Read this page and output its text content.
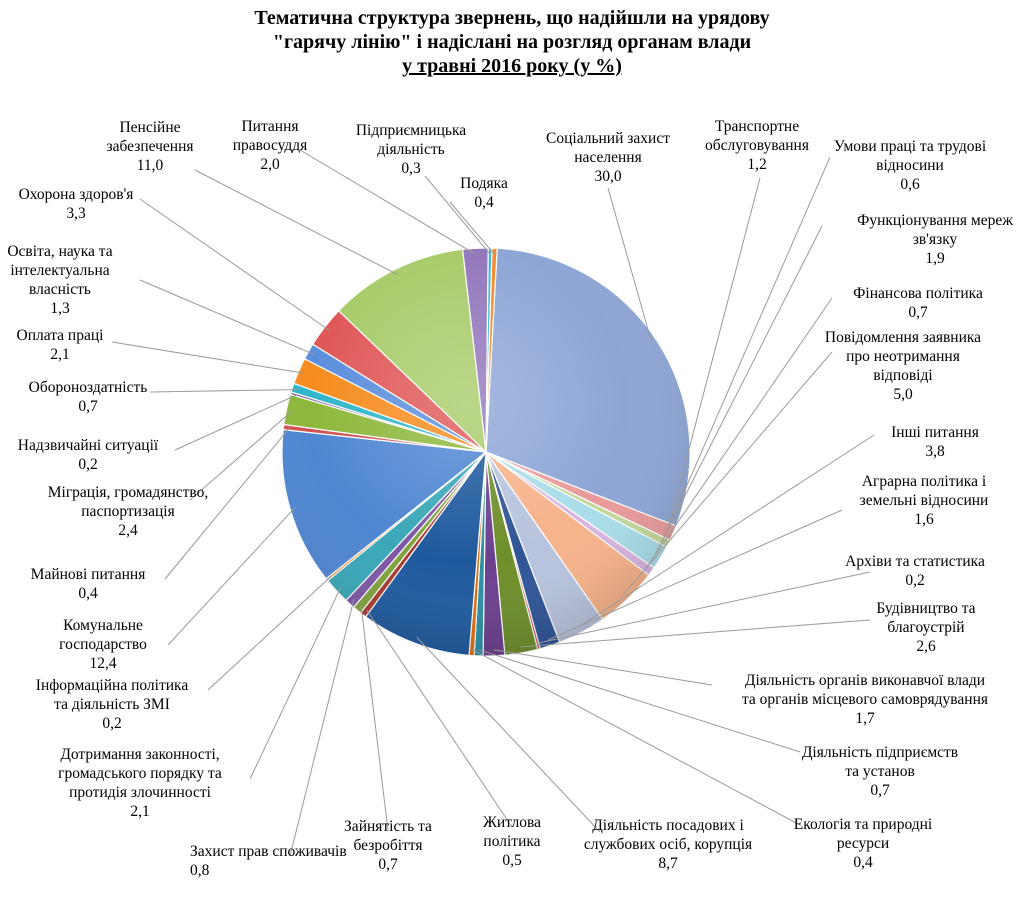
Тематична структура звернень, що надійшли на урядову
"гарячу лінію" і надіслані на розгляд органам влади
у травні 2016 року (у %)
Соціальний захист населення 30,0
Транспортне обслуговування 1,2
Умови праці та трудові відносини 0,6
Функціонування мереж зв'язку 1,9
Фінансова політика 0,7
Повідомлення заявника про неотримання відповіді 5,0
Інші питання 3,8
Аграрна політика і земельні відносини 1,6
Архіви та статистика 0,2
Будівництво та благоустрій 2,6
Діяльність органів виконавчої влади та органів місцевого самоврядування 1,7
Діяльність підприємств та установ 0,7
Екологія та природні ресурси 0,4
Діяльність посадових і службових осіб, корупція 8,7
Житлова політика 0,5
Зайнятість та безробіття 0,7
Захист прав споживачів 0,8
Дотримання законності, громадського порядку та протидія злочинності 2,1
Інформаційна політика та діяльність ЗМІ 0,2
Комунальне господарство 12,4
Майнові питання 0,4
Міграція, громадянство, паспортизація 2,4
Надзвичайні ситуації 0,2
Обороноздатність 0,7
Оплата праці 2,1
Освіта, наука та інтелектуальна власність 1,3
Охорона здоров'я 3,3
Пенсійне забезпечення 11,0
Питання правосуддя 2,0
Підприємницька діяльність 0,3
Подяка 0,4
